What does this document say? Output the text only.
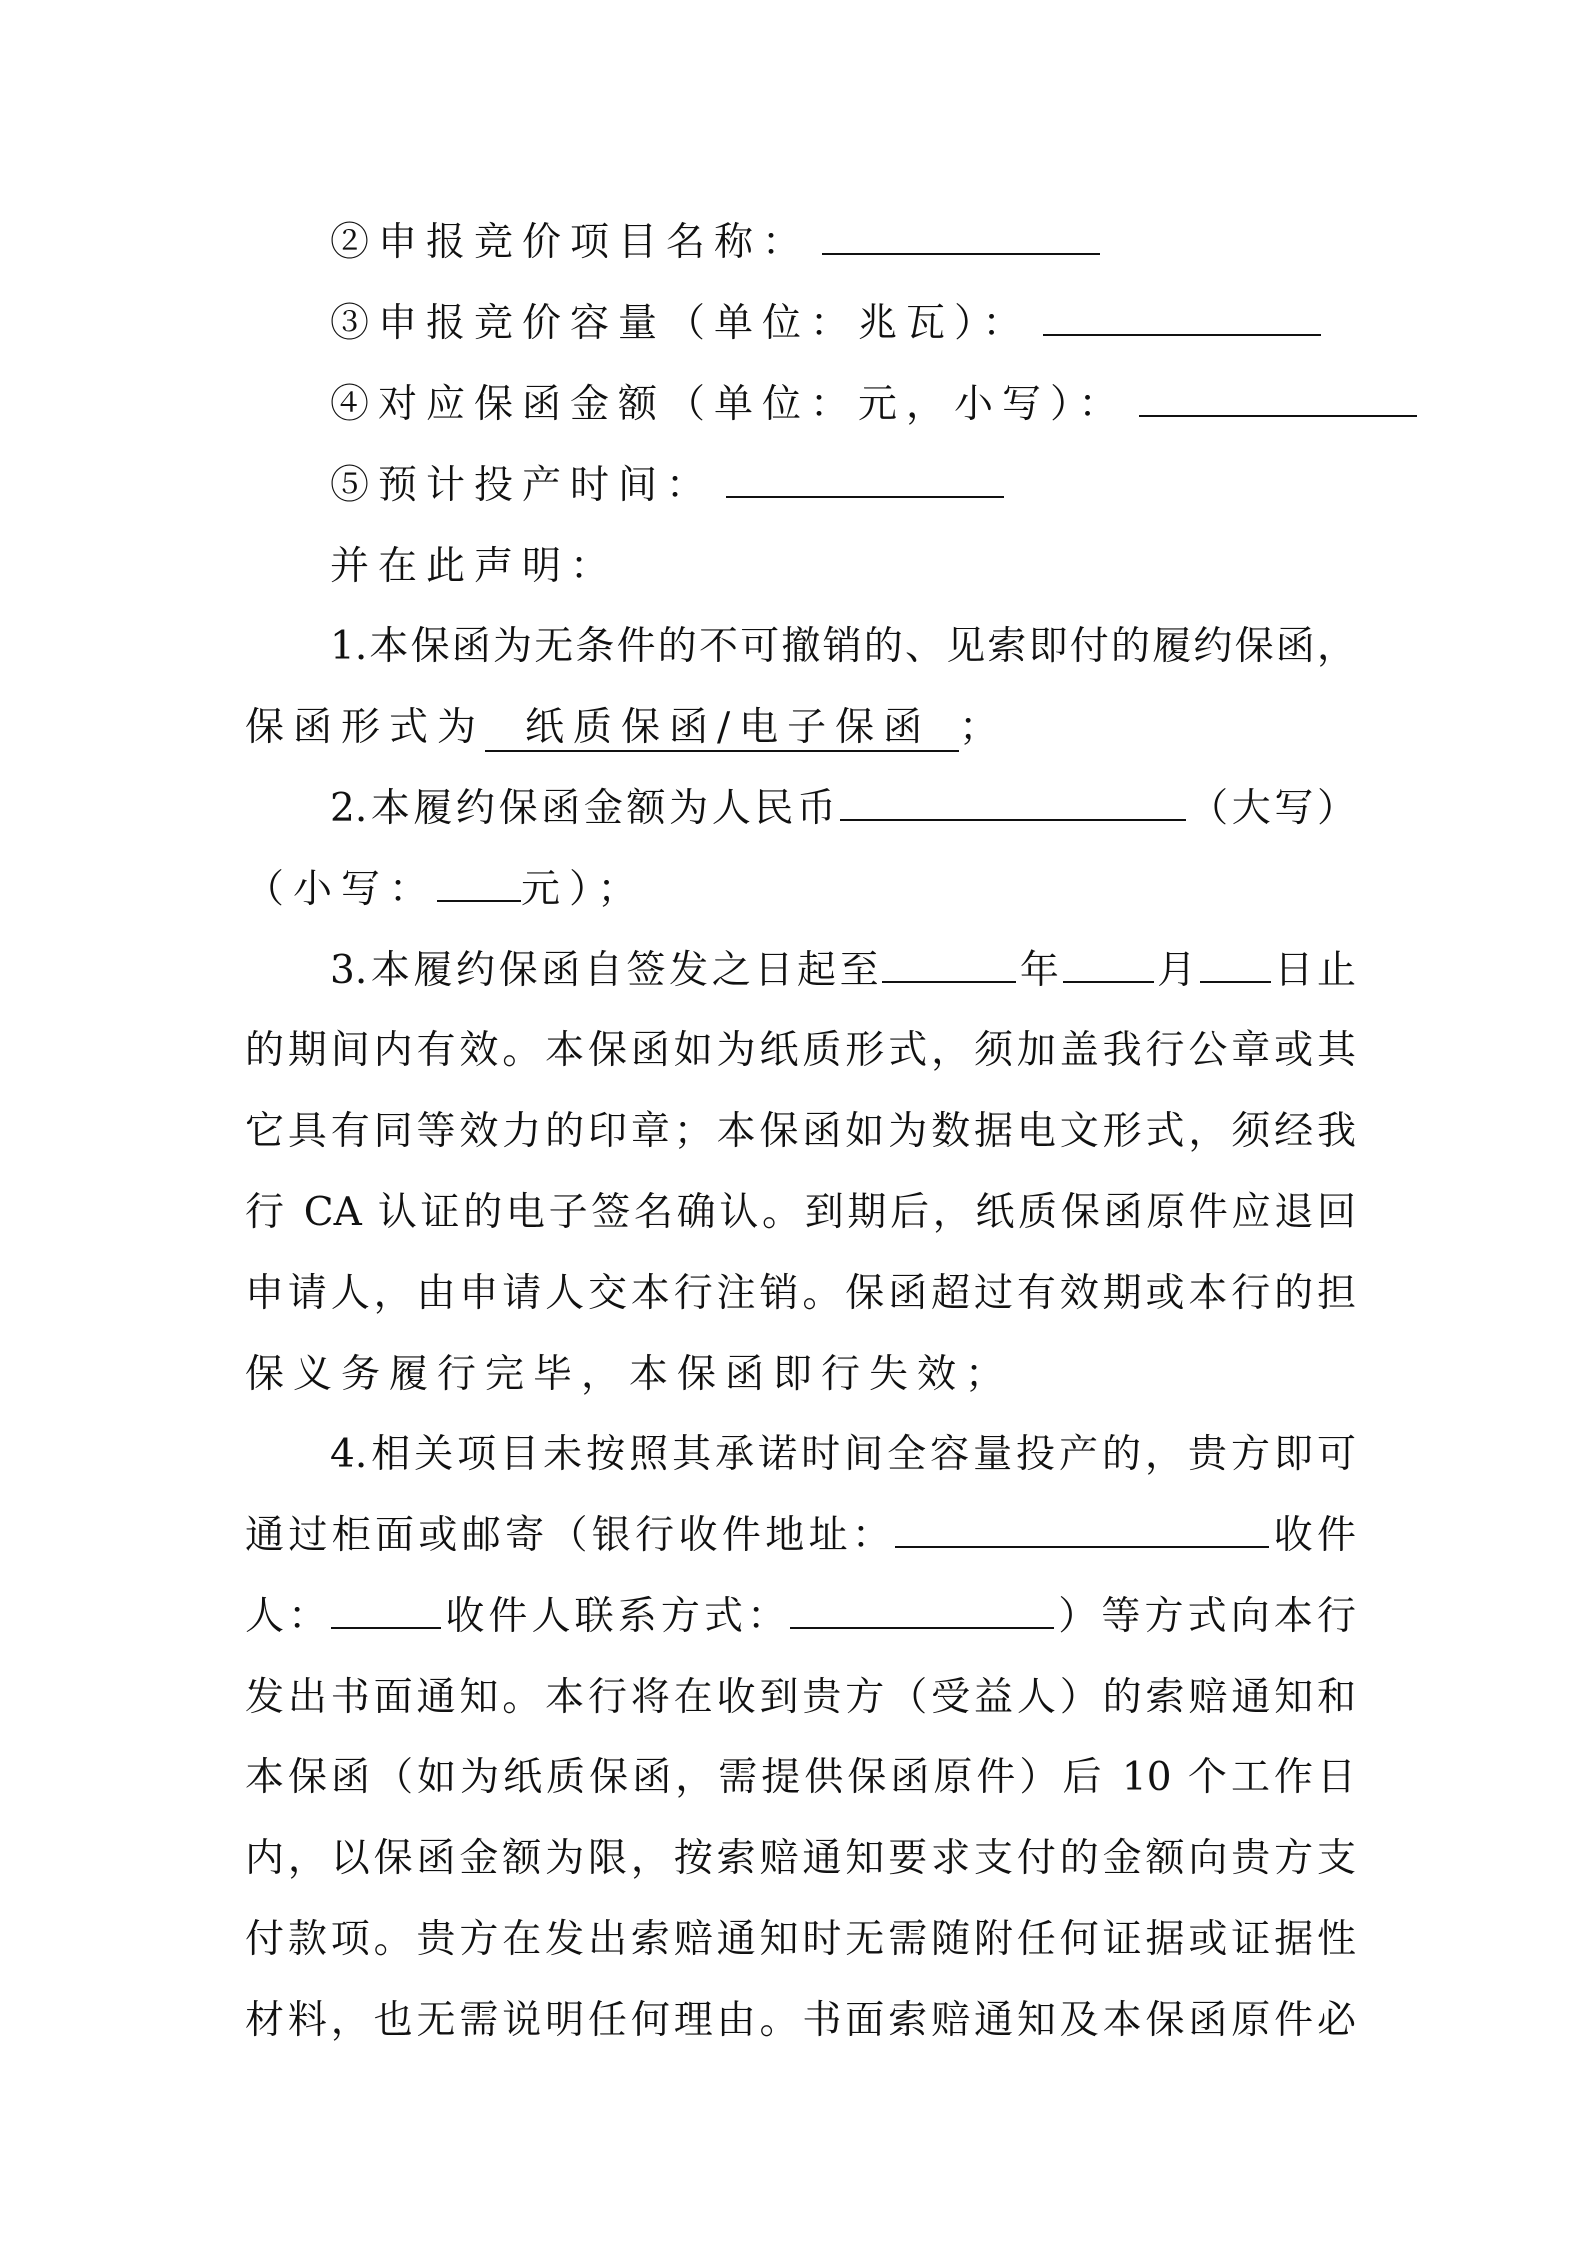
②申报竞价项目名称：
③申报竞价容量（单位：兆瓦）：
④对应保函金额（单位：元，小写）：
⑤预计投产时间：
并在此声明：
1.本保函为无条件的不可撤销的、见索即付的履约保函，
保函形式为 纸质保函/电子保函 ；
2.本履约保函金额为人民币	（大写）
（小写： 元）；
3.本履约保函自签发之日起至	年 月 日止
的期间内有效。本保函如为纸质形式，须加盖我行公章或其
它具有同等效力的印章；本保函如为数据电文形式，须经我
行 CA 认证的电子签名确认。到期后，纸质保函原件应退回
申请人，由申请人交本行注销。保函超过有效期或本行的担
保义务履行完毕，本保函即行失效；
4.相关项目未按照其承诺时间全容量投产的，贵方即可
通过柜面或邮寄（银行收件地址：	收件
人：	收件人联系方式：	）等方式向本行
发出书面通知。本行将在收到贵方（受益人）的索赔通知和
本保函（如为纸质保函，需提供保函原件）后 10 个工作日
内，以保函金额为限，按索赔通知要求支付的金额向贵方支
付款项。贵方在发出索赔通知时无需随附任何证据或证据性
材料，也无需说明任何理由。书面索赔通知及本保函原件必
